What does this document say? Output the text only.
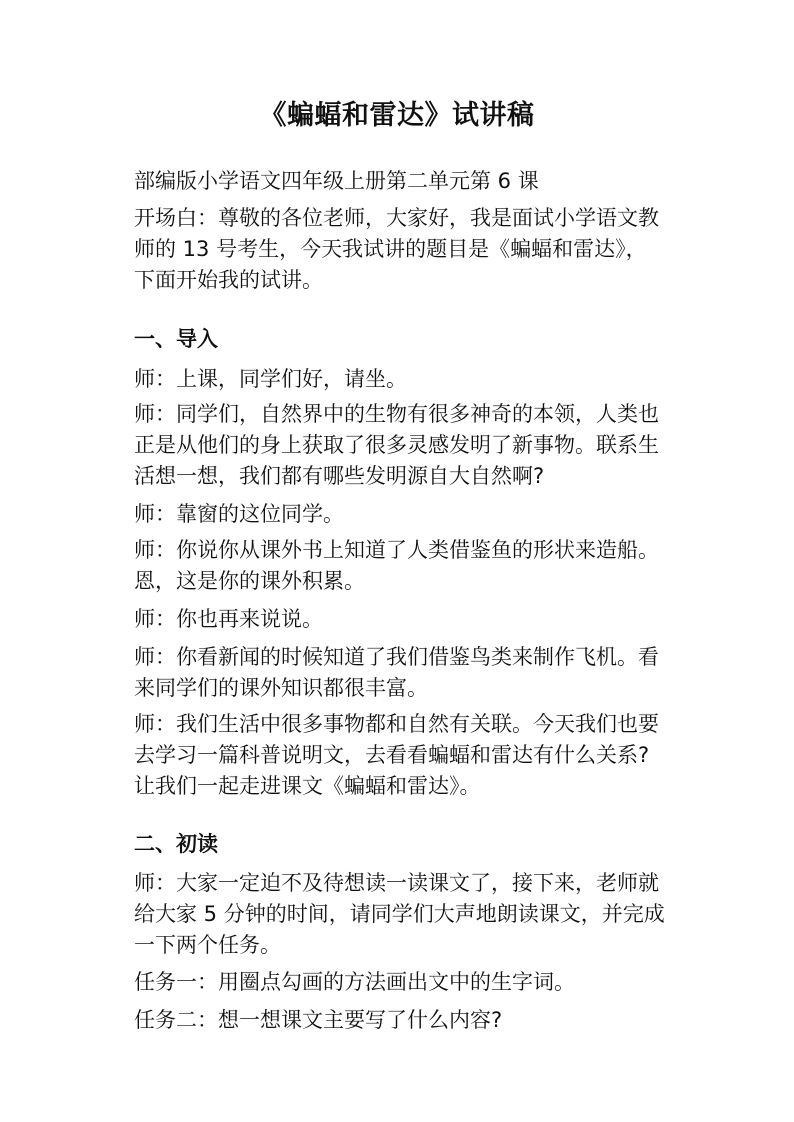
《蝙蝠和雷达》试讲稿
部编版小学语文四年级上册第二单元第 6 课
开场白：尊敬的各位老师，大家好，我是面试小学语文教
师的 13 号考生，今天我试讲的题目是《蝙蝠和雷达》，
下面开始我的试讲。
一、导入
师：上课，同学们好，请坐。
师：同学们，自然界中的生物有很多神奇的本领，人类也
正是从他们的身上获取了很多灵感发明了新事物。联系生
活想一想，我们都有哪些发明源自大自然啊?
师：靠窗的这位同学。
师：你说你从课外书上知道了人类借鉴鱼的形状来造船。
恩，这是你的课外积累。
师：你也再来说说。
师：你看新闻的时候知道了我们借鉴鸟类来制作飞机。看
来同学们的课外知识都很丰富。
师：我们生活中很多事物都和自然有关联。今天我们也要
去学习一篇科普说明文，去看看蝙蝠和雷达有什么关系?
让我们一起走进课文《蝙蝠和雷达》。
二、初读
师：大家一定迫不及待想读一读课文了，接下来，老师就
给大家 5 分钟的时间，请同学们大声地朗读课文，并完成
一下两个任务。
任务一：用圈点勾画的方法画出文中的生字词。
任务二：想一想课文主要写了什么内容?
